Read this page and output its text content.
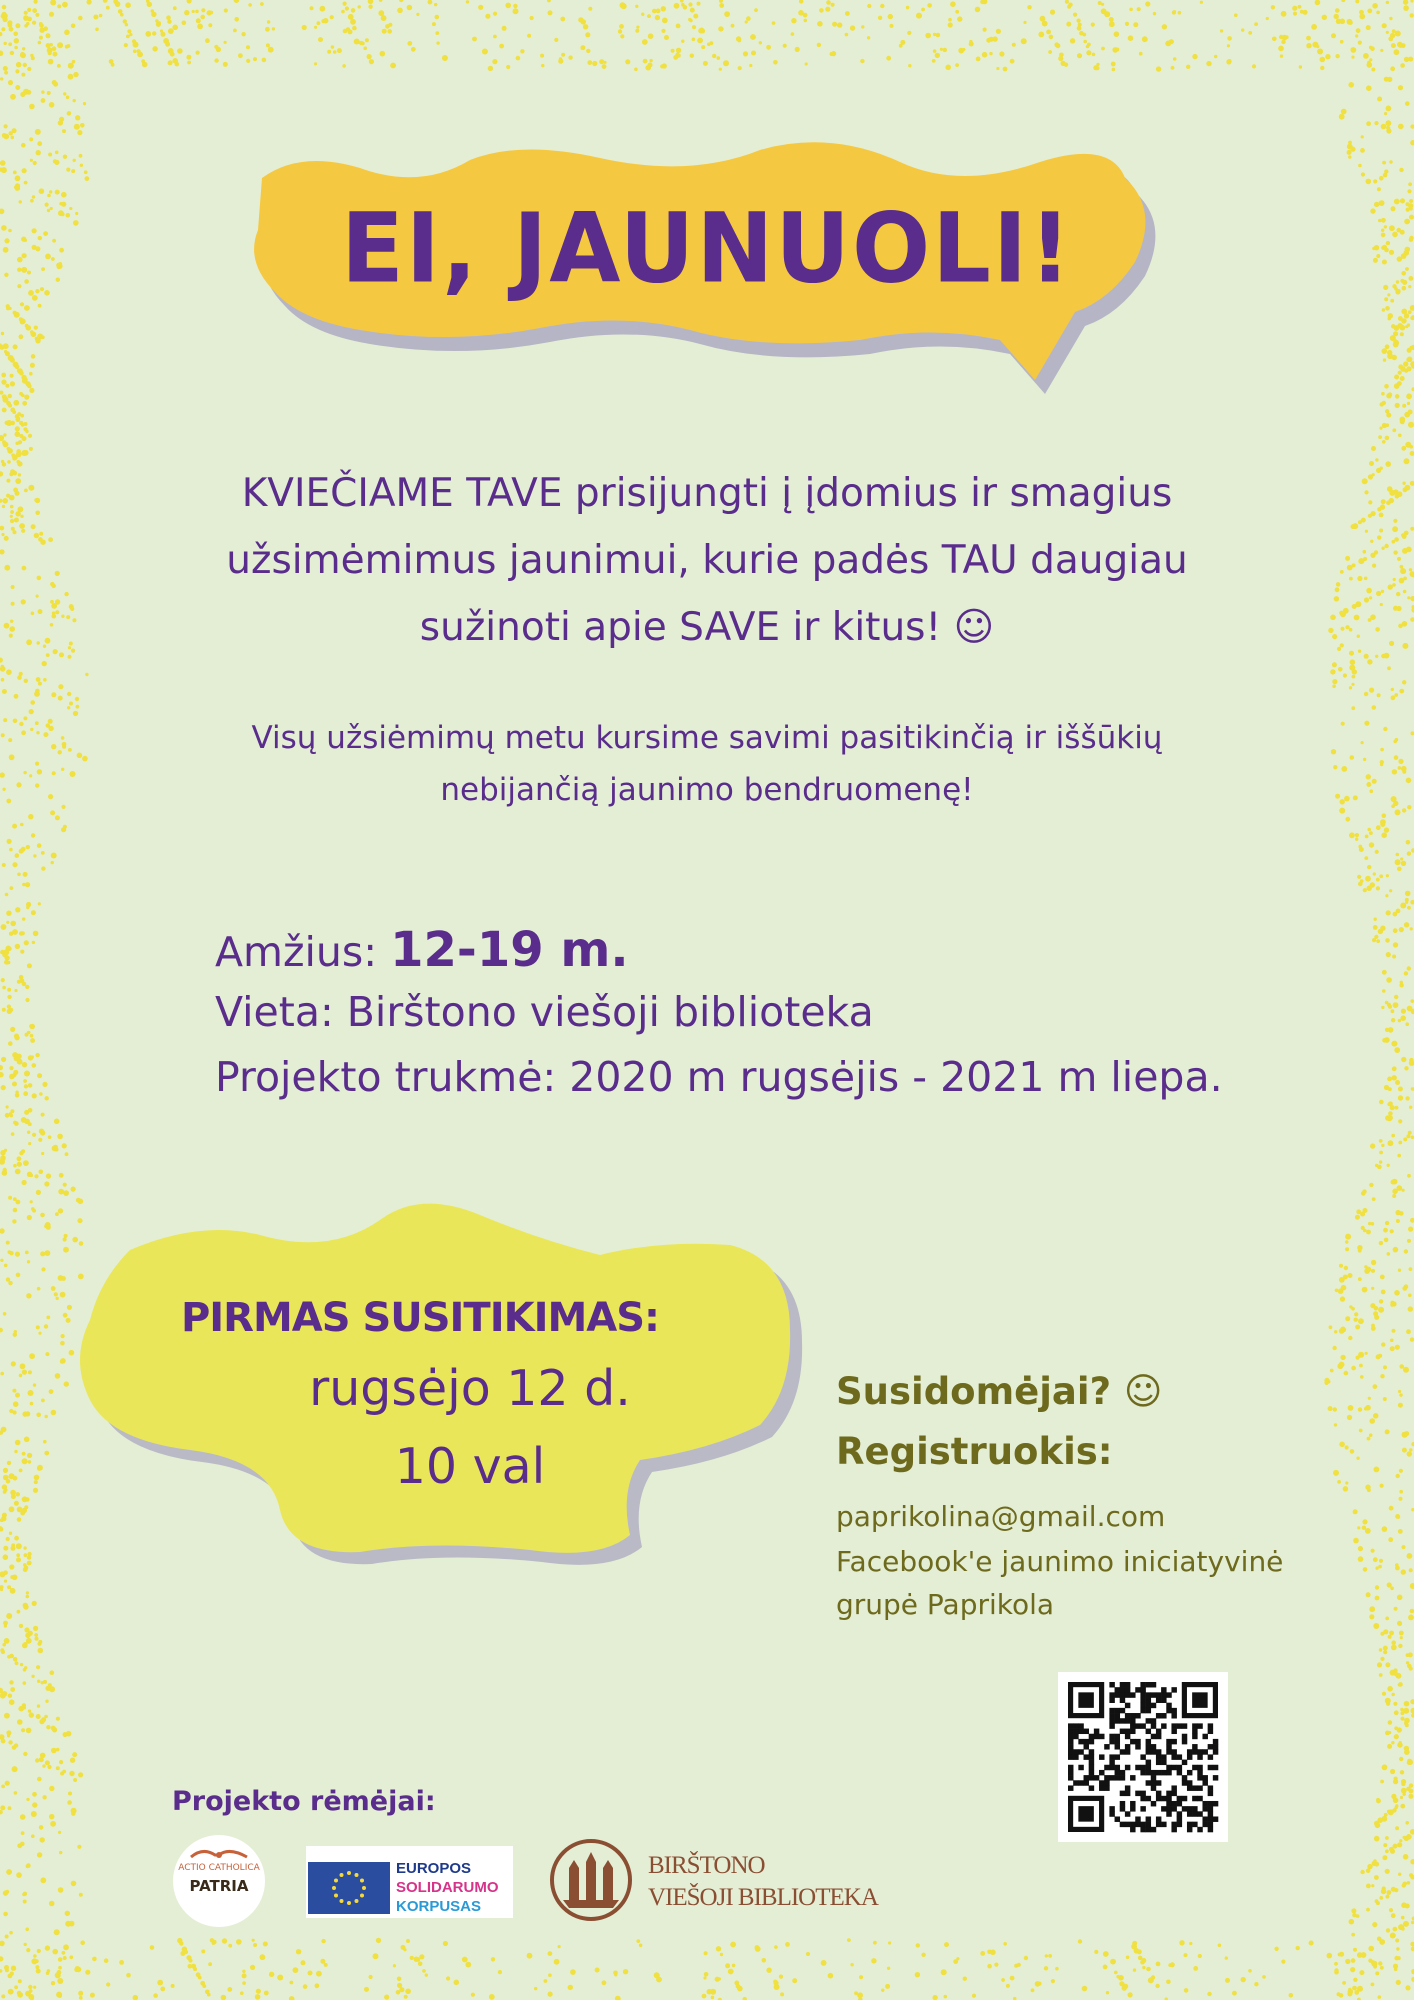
EI, JAUNUOLI!
KVIEČIAME TAVE prisijungti į įdomius ir smagius
užsimėmimus jaunimui, kurie padės TAU daugiau
sužinoti apie SAVE ir kitus! ☺
Visų užsiėmimų metu kursime savimi pasitikinčią ir iššūkių
nebijančią jaunimo bendruomenę!
Amžius: 12-19 m.
Vieta: Birštono viešoji biblioteka
Projekto trukmė: 2020 m rugsėjis - 2021 m liepa.
PIRMAS SUSITIKIMAS:
rugsėjo 12 d.
10 val
Susidomėjai? ☺
Registruokis:
paprikolina@gmail.com
Facebook'e jaunimo iniciatyvinė
grupė Paprikola
Projekto rėmėjai:
ACTIO CATHOLICA
PATRIA
EUROPOS
SOLIDARUMO
KORPUSAS
BIRŠTONO
VIEŠOJI BIBLIOTEKA
